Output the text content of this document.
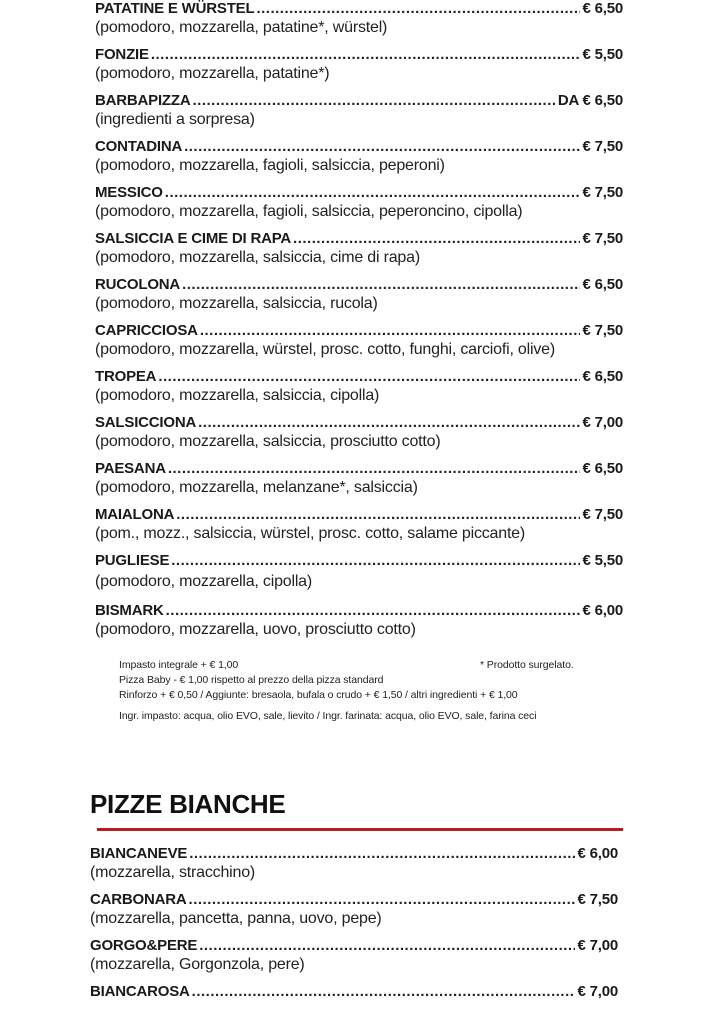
PATATINE E WÜRSTEL .....	€ 6,50
(pomodoro, mozzarella, patatine*, würstel)
FONZIE .....	€ 5,50
(pomodoro, mozzarella, patatine*)
BARBAPIZZA .....	DA € 6,50
(ingredienti a sorpresa)
CONTADINA .....	€ 7,50
(pomodoro, mozzarella, fagioli, salsiccia, peperoni)
MESSICO .....	€ 7,50
(pomodoro, mozzarella, fagioli, salsiccia, peperoncino, cipolla)
SALSICCIA E CIME DI RAPA .....	€ 7,50
(pomodoro, mozzarella, salsiccia, cime di rapa)
RUCOLONA .....	€ 6,50
(pomodoro, mozzarella, salsiccia, rucola)
CAPRICCIOSA .....	€ 7,50
(pomodoro, mozzarella, würstel, prosc. cotto, funghi, carciofi, olive)
TROPEA .....	€ 6,50
(pomodoro, mozzarella, salsiccia, cipolla)
SALSICCIONA .....	€ 7,00
(pomodoro, mozzarella, salsiccia, prosciutto cotto)
PAESANA .....	€ 6,50
(pomodoro, mozzarella, melanzane*, salsiccia)
MAIALONA .....	€ 7,50
(pom., mozz., salsiccia, würstel, prosc. cotto, salame piccante)
PUGLIESE .....	€ 5,50
(pomodoro, mozzarella, cipolla)
BISMARK .....	€ 6,00
(pomodoro, mozzarella, uovo, prosciutto cotto)
Impasto integrale + € 1,00	* Prodotto surgelato.
Pizza Baby - € 1,00 rispetto al prezzo della pizza standard
Rinforzo + € 0,50 / Aggiunte: bresaola, bufala o crudo + € 1,50 / altri ingredienti + € 1,00
Ingr. impasto: acqua, olio EVO, sale, lievito / Ingr. farinata: acqua, olio EVO, sale, farina ceci
PIZZE BIANCHE
BIANCANEVE .....	€ 6,00
(mozzarella, stracchino)
CARBONARA .....	€ 7,50
(mozzarella, pancetta, panna, uovo, pepe)
GORGO&PERE .....	€ 7,00
(mozzarella, Gorgonzola, pere)
BIANCAROSA .....	€ 7,00
